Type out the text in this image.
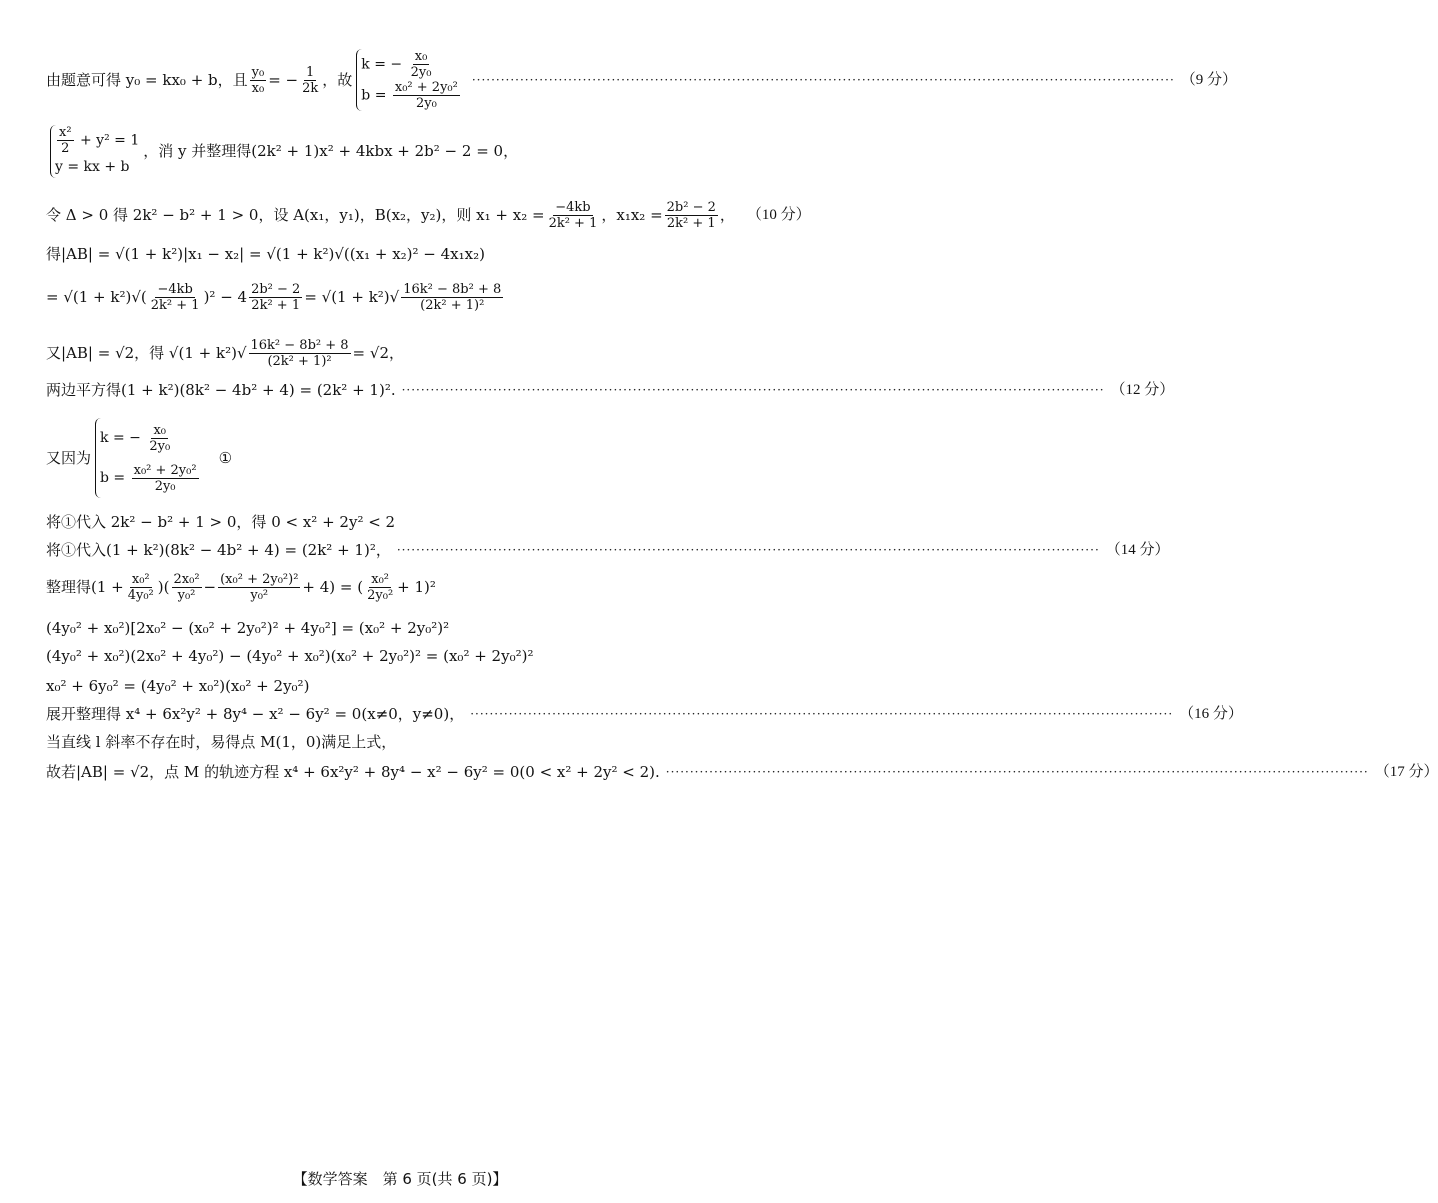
由题意可得 y₀ = kx₀ + b，且 $\frac{\text{y₀}}{\text{x₀}}$ = − $\frac{1}{2k}$ ，故
k = − $\frac{\text{x₀}}{\text{2y₀}}$
$b = \frac{\text{x₀² + 2y₀²}}{\text{2y₀}}$ ·····	（9 分）
$\frac{\text{x²}}{2} + y^2 = 1$
y = kx + b
，消 y 并整理得(2k² + 1)x² + 4kbx + 2b² − 2 = 0，
令 Δ > 0 得 2k² − b² + 1 > 0，设 A(x₁，y₁)，B(x₂，y₂)，则 $x_1 + x_2 = \frac{-4kb}{\text{2k² + 1}}$ ，$x_1x_2 = \frac{\text{2b² − 2}}{\text{2k² + 1}}$ ， （10 分）
得|AB| = √(1 + k²)|x₁ − x₂| = √(1 + k²)√((x₁ + x₂)² − 4x₁x₂)
= $√(1 + k^2)√( \frac{-4kb}{\text{2k² + 1}} )^2 - 4 \frac{\text{2b² − 2}}{\text{2k² + 1}} = √(1 + k^2)√ \frac{\text{16k² − 8b² + 8}}{\text{(2k² + 1)²}}$
又|AB| = √2，得 $√(1 + k^2)√ \frac{\text{16k² − 8b² + 8}}{\text{(2k² + 1)²}} = √2$，
两边平方得(1 + k²)(8k² − 4b² + 4) = (2k² + 1)². ·····	（12 分）
又因为
k = − $\frac{\text{x₀}}{\text{2y₀}}$
$b = \frac{\text{x₀² + 2y₀²}}{\text{2y₀}}$
①
将①代入 2k² − b² + 1 > 0，得 0 < x² + 2y² < 2
将①代入(1 + k²)(8k² − 4b² + 4) = (2k² + 1)²， ·····	（14 分）
整理得($1 + \frac{\text{x₀²}}{\text{4y₀²}}$ )( $\frac{\text{2x₀²}}{\text{y₀²}} - \frac{\text{(x₀² + 2y₀²)²}}{\text{y₀²}} + 4$) = ( $\frac{\text{x₀²}}{\text{2y₀²}} + 1)^2$
(4y₀² + x₀²)[2x₀² − (x₀² + 2y₀²)² + 4y₀²] = (x₀² + 2y₀²)²
(4y₀² + x₀²)(2x₀² + 4y₀²) − (4y₀² + x₀²)(x₀² + 2y₀²)² = (x₀² + 2y₀²)²
x₀² + 6y₀² = (4y₀² + x₀²)(x₀² + 2y₀²)
展开整理得 x⁴ + 6x²y² + 8y⁴ − x² − 6y² = 0(x≠0，y≠0)， ·····	（16 分）
当直线 l 斜率不存在时，易得点 M(1，0)满足上式，
故若|AB| = √2，点 M 的轨迹方程 x⁴ + 6x²y² + 8y⁴ − x² − 6y² = 0(0 < x² + 2y² < 2). ·····	（17 分）
【数学答案　第 6 页(共 6 页)】
